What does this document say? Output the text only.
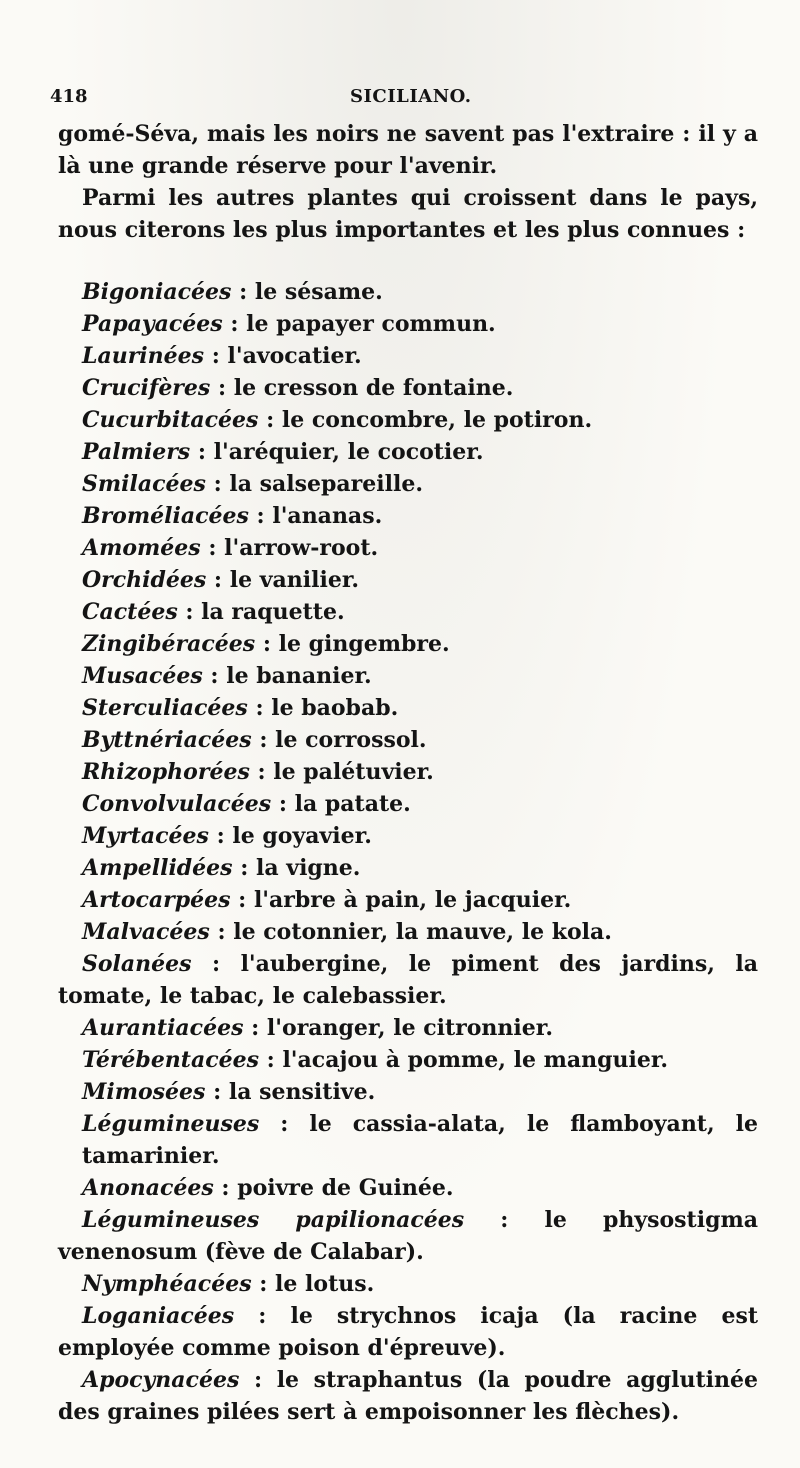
418	SICILIANO.

gomé-Séva, mais les noirs ne savent pas l'extraire : il y a là une grande réserve pour l'avenir.

Parmi les autres plantes qui croissent dans le pays, nous citerons les plus importantes et les plus connues :

Bigoniacées : le sésame.

Papayacées : le papayer commun.

Laurinées : l'avocatier.

Crucifères : le cresson de fontaine.

Cucurbitacées : le concombre, le potiron.

Palmiers : l'aréquier, le cocotier.

Smilacées : la salsepareille.

Broméliacées : l'ananas.

Amomées : l'arrow-root.

Orchidées : le vanilier.

Cactées : la raquette.

Zingibéracées : le gingembre.

Musacées : le bananier.

Sterculiacées : le baobab.

Byttnériacées : le corrossol.

Rhizophorées : le palétuvier.

Convolvulacées : la patate.

Myrtacées : le goyavier.

Ampellidées : la vigne.

Artocarpées : l'arbre à pain, le jacquier.

Malvacées : le cotonnier, la mauve, le kola.

Solanées : l'aubergine, le piment des jardins, la tomate, le tabac, le calebassier.

Aurantiacées : l'oranger, le citronnier.

Térébentacées : l'acajou à pomme, le manguier.

Mimosées : la sensitive.

Légumineuses : le cassia-alata, le flamboyant, le tamarinier.

Anonacées : poivre de Guinée.

Légumineuses papilionacées : le physostigma venenosum (fève de Calabar).

Nymphéacées : le lotus.

Loganiacées : le strychnos icaja (la racine est employée comme poison d'épreuve).

Apocynacées : le straphantus (la poudre agglutinée des graines pilées sert à empoisonner les flèches).
